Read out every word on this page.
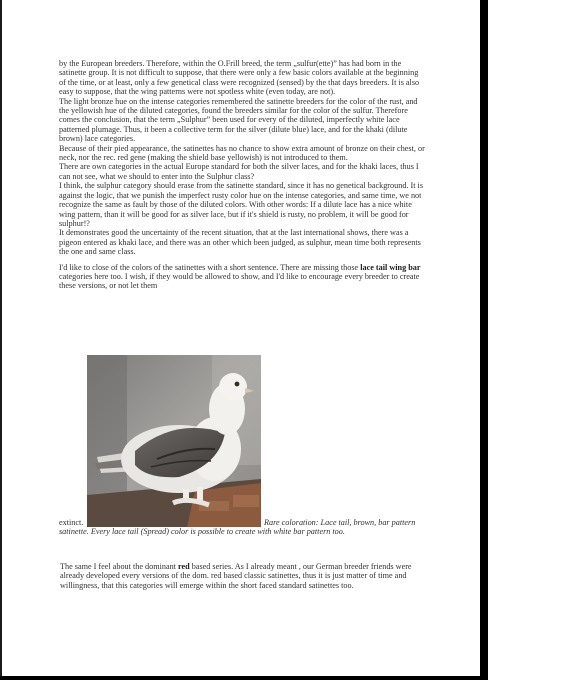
by the European breeders. Therefore, within the O.Frill breed, the term „sulfur(ette)” has had born in the satinette group. It is not difficult to suppose, that there were only a few basic colors available at the beginning of the time, or at least, only a few genetical class were recognized (sensed) by the that days breeders. It is also easy to suppose, that the wing patterns were not spotless white (even today, are not).

The light bronze hue on the intense categories remembered the satinette breeders for the color of the rust, and the yellowish hue of the diluted categories, found the breeders similar for the color of the sulfur. Therefore comes the conclusion, that the term „Sulphur” been used for every of the diluted, imperfectly white lace patterned plumage. Thus, it been a collective term for the silver (dilute blue) lace, and for the khaki (dilute brown) lace categories.

Because of their pied appearance, the satinettes has no chance to show extra amount of bronze on their chest, or neck, nor the rec. red gene (making the shield base yellowish) is not introduced to them.

There are own categories in the actual Europe standard for both the silver laces, and for the khaki laces, thus I can not see, what we should to enter into the Sulphur class?

I think, the sulphur category should erase from the satinette standard, since it has no genetical background. It is against the logic, that we punish the imperfect rusty color hue on the intense categories, and same time, we not recognize the same as fault by those of the diluted colors. With other words: If a dilute lace has a nice white wing pattern, than it will be good for as silver lace, but if it's shield is rusty, no problem, it will be good for sulphur!?

It demonstrates good the uncertainty of the recent situation, that at the last international shows, there was a pigeon entered as khaki lace, and there was an other which been judged, as sulphur, mean time both represents the one and same class.

I'd like to close of the colors of the satinettes with a short sentence. There are missing those lace tail wing bar categories here too. I wish, if they would be allowed to show, and I'd like to encourage every breeder to create these versions, or not let them

extinct.	Rare coloration: Lace tail, brown, bar pattern satinette. Every lace tail (Spread) color is possible to create with white bar pattern too.

The same I feel about the dominant red based series. As I already meant , our German breeder friends were already developed every versions of the dom. red based classic satinettes, thus it is just matter of time and willingness, that this categories will emerge within the short faced standard satinettes too.
